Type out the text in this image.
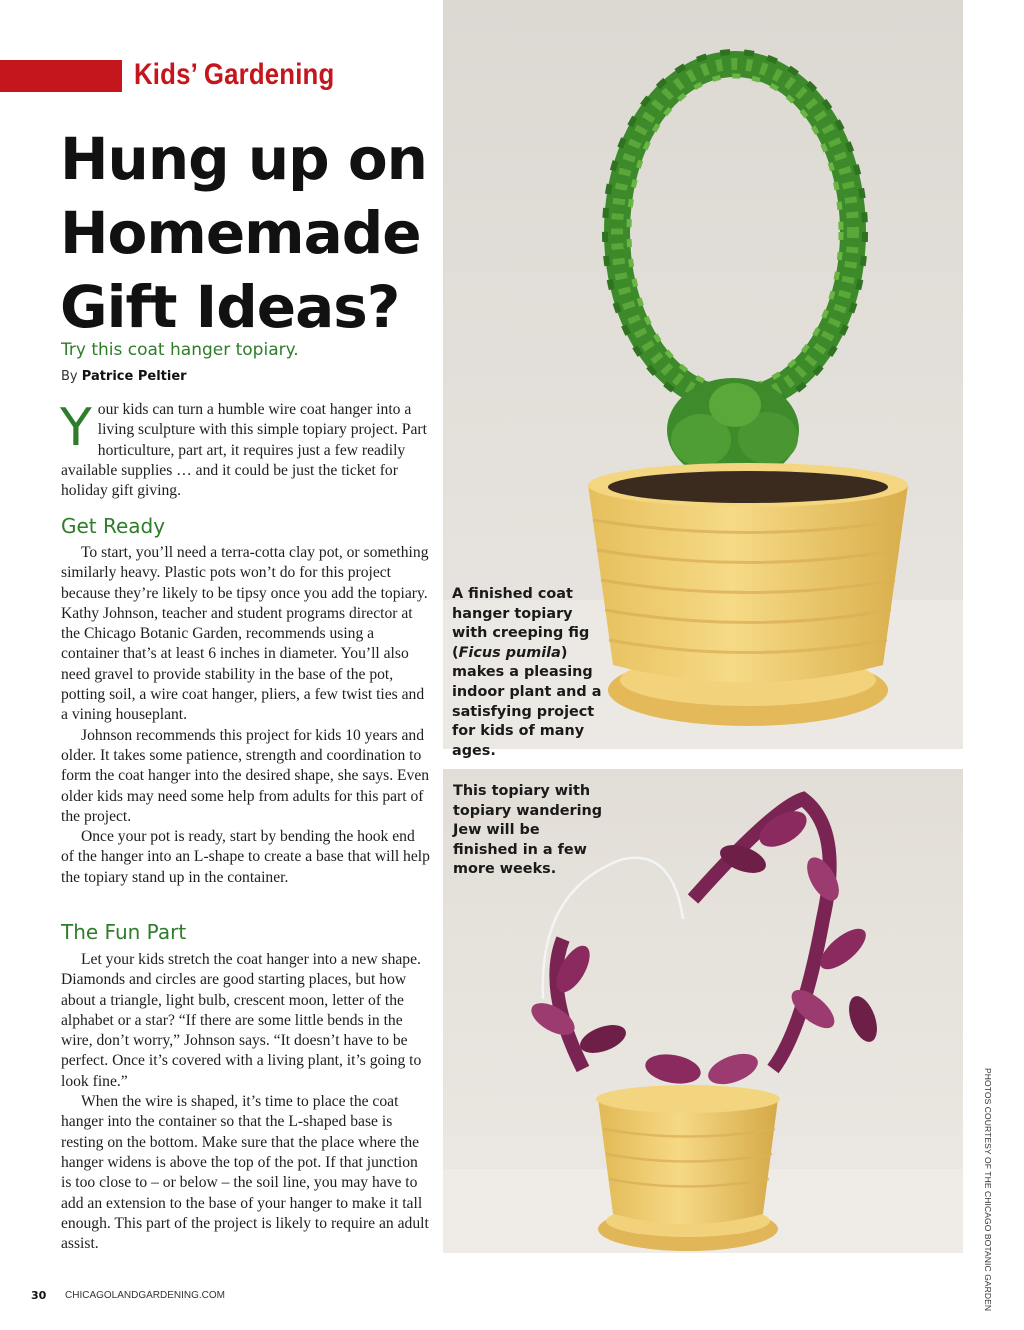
Kids’ Gardening
Hung up on
Homemade
Gift Ideas?
Try this coat hanger topiary.
By Patrice Peltier
Y our kids can turn a humble wire coat hanger into a living sculpture with this simple topiary project. Part horticulture, part art, it requires just a few readily available supplies … and it could be just the ticket for holiday gift giving.

Get Ready

To start, you’ll need a terra-cotta clay pot, or something similarly heavy. Plastic pots won’t do for this project because they’re likely to be tipsy once you add the topiary. Kathy Johnson, teacher and student programs director at the Chicago Botanic Garden, recommends using a container that’s at least 6 inches in diameter. You’ll also need gravel to provide stability in the base of the pot, potting soil, a wire coat hanger, pliers, a few twist ties and a vining houseplant.

Johnson recommends this project for kids 10 years and older. It takes some patience, strength and coordination to form the coat hanger into the desired shape, she says. Even older kids may need some help from adults for this part of the project.

Once your pot is ready, start by bending the hook end of the hanger into an L-shape to create a base that will help the topiary stand up in the container.

The Fun Part

Let your kids stretch the coat hanger into a new shape. Diamonds and circles are good starting places, but how about a triangle, light bulb, crescent moon, letter of the alphabet or a star? “If there are some little bends in the wire, don’t worry,” Johnson says. “It doesn’t have to be perfect. Once it’s covered with a living plant, it’s going to look fine.”

When the wire is shaped, it’s time to place the coat hanger into the container so that the L-shaped base is resting on the bottom. Make sure that the place where the hanger widens is above the top of the pot. If that junction is too close to – or below – the soil line, you may have to add an extension to the base of your hanger to make it tall enough. This part of the project is likely to require an adult assist.

A finished coat hanger topiary with creeping fig (Ficus pumila) makes a pleasing indoor plant and a satisfying project for kids of many ages.
This topiary with topiary wandering Jew will be finished in a few more weeks.
PHOTOS COURTESY OF THE CHICAGO BOTANIC GARDEN
30 CHICAGOLANDGARDENING.COM
